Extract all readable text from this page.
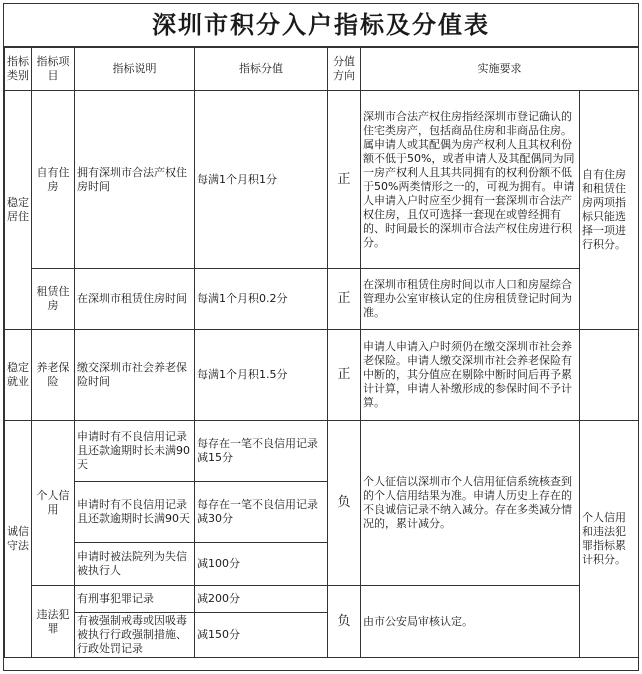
深圳市积分入户指标及分值表
指标类别	指标项目	指标说明	指标分值	分值方向	实施要求	
稳定居住	自有住房	拥有深圳市合法产权住房时间	每满1个月积1分	正	深圳市合法产权住房指经深圳市登记确认的住宅类房产，包括商品住房和非商品住房。属申请人或其配偶为房产权利人且其权利份额不低于50%，或者申请人及其配偶同为同一房产权利人且其共同拥有的权利份额不低于50%两类情形之一的，可视为拥有。申请人申请入户时应至少拥有一套深圳市合法产权住房，且仅可选择一套现在或曾经拥有的、时间最长的深圳市合法产权住房进行积分。	自有住房和租赁住房两项指标只能选择一项进行积分。
	租赁住房	在深圳市租赁住房时间	每满1个月积0.2分	正	在深圳市租赁住房时间以市人口和房屋综合管理办公室审核认定的住房租赁登记时间为准。	
稳定就业	养老保险	缴交深圳市社会养老保险时间	每满1个月积1.5分	正	申请人申请入户时须仍在缴交深圳市社会养老保险。申请人缴交深圳市社会养老保险有中断的，其分值应在剔除中断时间后再予累计计算，申请人补缴形成的参保时间不予计算。	
诚信守法	个人信用	申请时有不良信用记录且还款逾期时长未满90天	每存在一笔不良信用记录减15分	负	个人征信以深圳市个人信用征信系统核查到的个人信用结果为准。申请人历史上存在的不良诚信记录不纳入减分。存在多类减分情况的，累计减分。	个人信用和违法犯罪指标累计积分。
		申请时有不良信用记录且还款逾期时长满90天	每存在一笔不良信用记录减30分			
		申请时被法院列为失信被执行人	减100分			
	违法犯罪	有刑事犯罪记录	减200分	负	由市公安局审核认定。	
		有被强制戒毒或因吸毒被执行行政强制措施、行政处罚记录	减150分			
